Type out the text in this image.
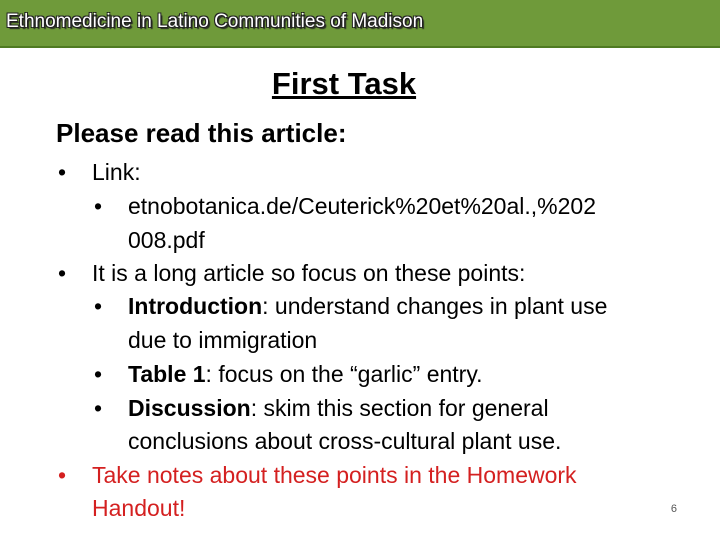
Ethnomedicine in Latino Communities of Madison
First Task
Please read this article:
• Link:
• etnobotanica.de/Ceuterick%20et%20al.,%202
008.pdf
• It is a long article so focus on these points:
• Introduction: understand changes in plant use
due to immigration
• Table 1: focus on the “garlic” entry.
• Discussion: skim this section for general
conclusions about cross-cultural plant use.
• Take notes about these points in the Homework
Handout!	6
